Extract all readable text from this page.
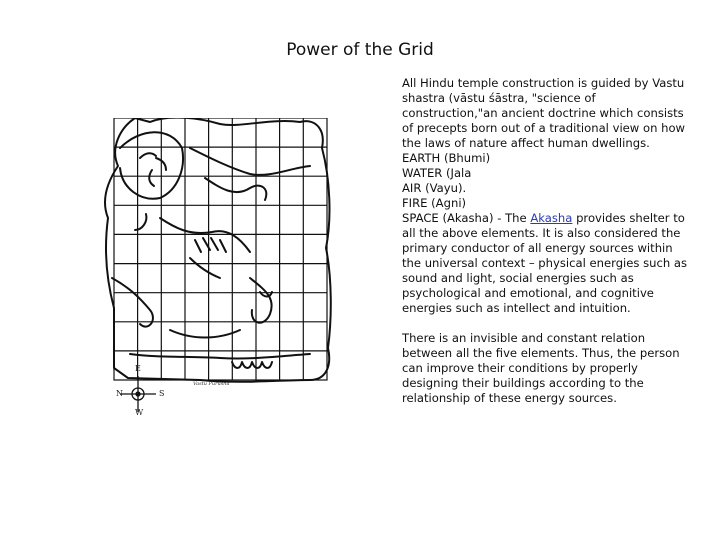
Power of the Grid
Vastu Purusha
E
N	S
W

All Hindu temple construction is guided by Vastu shastra (vāstu śāstra, "science of construction,"an ancient doctrine which consists of precepts born out of a traditional view on how the laws of nature affect human dwellings.

EARTH (Bhumi)

WATER (Jala

AIR (Vayu).

FIRE (Agni)

SPACE (Akasha) - The Akasha provides shelter to all the above elements. It is also considered the primary conductor of all energy sources within the universal context – physical energies such as sound and light, social energies such as psychological and emotional, and cognitive energies such as intellect and intuition.

There is an invisible and constant relation between all the five elements. Thus, the person can improve their conditions by properly designing their buildings according to the relationship of these energy sources.
